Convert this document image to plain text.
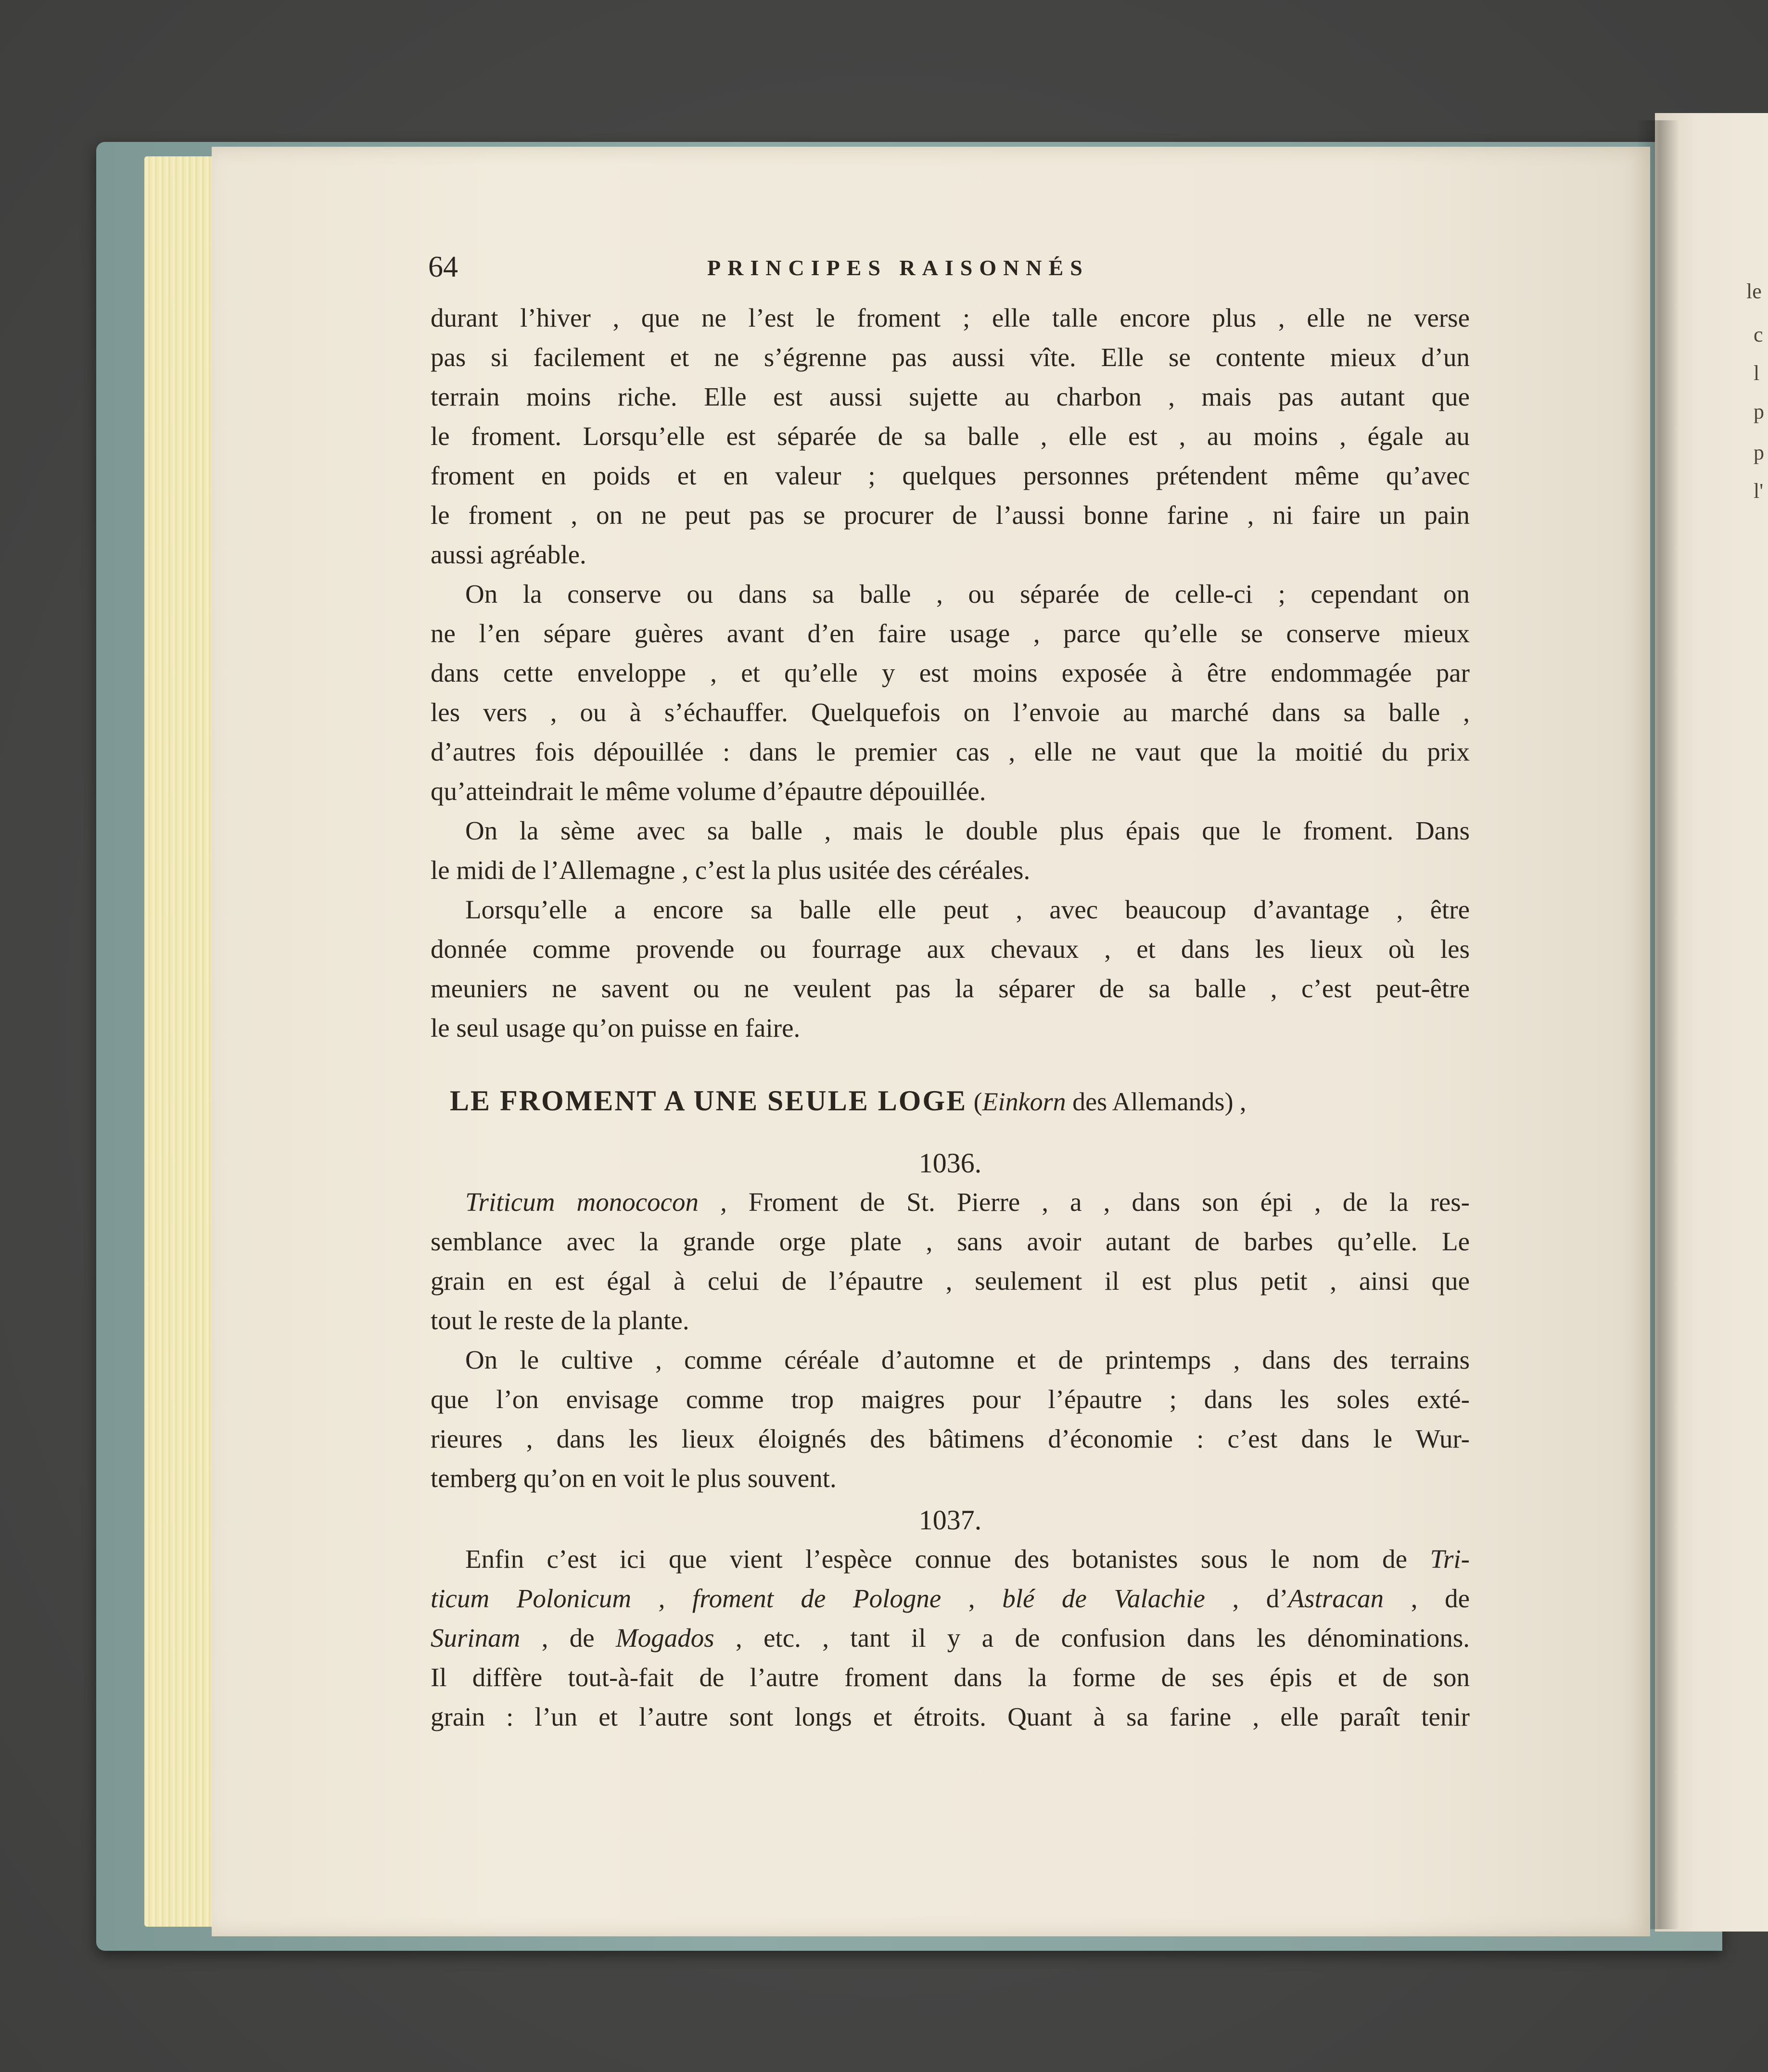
le
c
l
p
p
l'
64	PRINCIPES RAISONNÉS
durant l’hiver , que ne l’est le froment ; elle talle encore plus , elle ne verse
pas si facilement et ne s’égrenne pas aussi vîte. Elle se contente mieux d’un
terrain moins riche. Elle est aussi sujette au charbon , mais pas autant que
le froment. Lorsqu’elle est séparée de sa balle , elle est , au moins , égale au
froment en poids et en valeur ; quelques personnes prétendent même qu’avec
le froment , on ne peut pas se procurer de l’aussi bonne farine , ni faire un pain
aussi agréable.
On la conserve ou dans sa balle , ou séparée de celle-ci ; cependant on
ne l’en sépare guères avant d’en faire usage , parce qu’elle se conserve mieux
dans cette enveloppe , et qu’elle y est moins exposée à être endommagée par
les vers , ou à s’échauffer. Quelquefois on l’envoie au marché dans sa balle ,
d’autres fois dépouillée : dans le premier cas , elle ne vaut que la moitié du prix
qu’atteindrait le même volume d’épautre dépouillée.
On la sème avec sa balle , mais le double plus épais que le froment. Dans
le midi de l’Allemagne , c’est la plus usitée des céréales.
Lorsqu’elle a encore sa balle elle peut , avec beaucoup d’avantage , être
donnée comme provende ou fourrage aux chevaux , et dans les lieux où les
meuniers ne savent ou ne veulent pas la séparer de sa balle , c’est peut-être
le seul usage qu’on puisse en faire.
LE FROMENT A UNE SEULE LOGE (Einkorn des Allemands) ,
1036.
Triticum monococon , Froment de St. Pierre , a , dans son épi , de la res-
semblance avec la grande orge plate , sans avoir autant de barbes qu’elle. Le
grain en est égal à celui de l’épautre , seulement il est plus petit , ainsi que
tout le reste de la plante.
On le cultive , comme céréale d’automne et de printemps , dans des terrains
que l’on envisage comme trop maigres pour l’épautre ; dans les soles exté-
rieures , dans les lieux éloignés des bâtimens d’économie : c’est dans le Wur-
temberg qu’on en voit le plus souvent.
1037.
Enfin c’est ici que vient l’espèce connue des botanistes sous le nom de Tri-
ticum Polonicum , froment de Pologne , blé de Valachie , d’Astracan , de
Surinam , de Mogados , etc. , tant il y a de confusion dans les dénominations.
Il diffère tout-à-fait de l’autre froment dans la forme de ses épis et de son
grain : l’un et l’autre sont longs et étroits. Quant à sa farine , elle paraît tenir
